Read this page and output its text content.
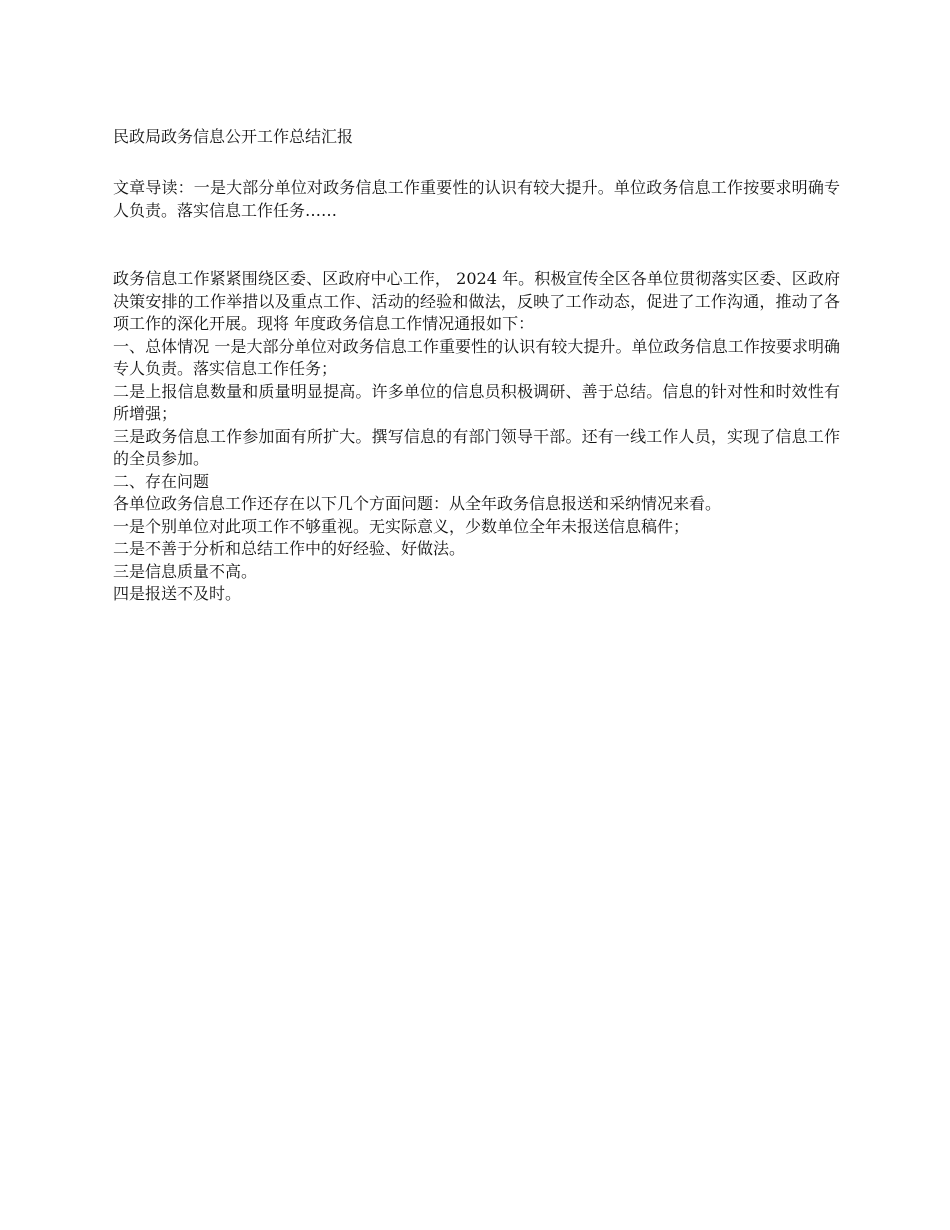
民政局政务信息公开工作总结汇报

文章导读：一是大部分单位对政务信息工作重要性的认识有较大提升。单位政务信息工作按要求明确专人负责。落实信息工作任务……

政务信息工作紧紧围绕区委、区政府中心工作， 2024 年。积极宣传全区各单位贯彻落实区委、区政府决策安排的工作举措以及重点工作、活动的经验和做法，反映了工作动态，促进了工作沟通，推动了各项工作的深化开展。现将 年度政务信息工作情况通报如下：

一、总体情况 一是大部分单位对政务信息工作重要性的认识有较大提升。单位政务信息工作按要求明确专人负责。落实信息工作任务；

二是上报信息数量和质量明显提高。许多单位的信息员积极调研、善于总结。信息的针对性和时效性有所增强；

三是政务信息工作参加面有所扩大。撰写信息的有部门领导干部。还有一线工作人员，实现了信息工作的全员参加。

二、存在问题

各单位政务信息工作还存在以下几个方面问题：从全年政务信息报送和采纳情况来看。

一是个别单位对此项工作不够重视。无实际意义，少数单位全年未报送信息稿件；

二是不善于分析和总结工作中的好经验、好做法。

三是信息质量不高。

四是报送不及时。
